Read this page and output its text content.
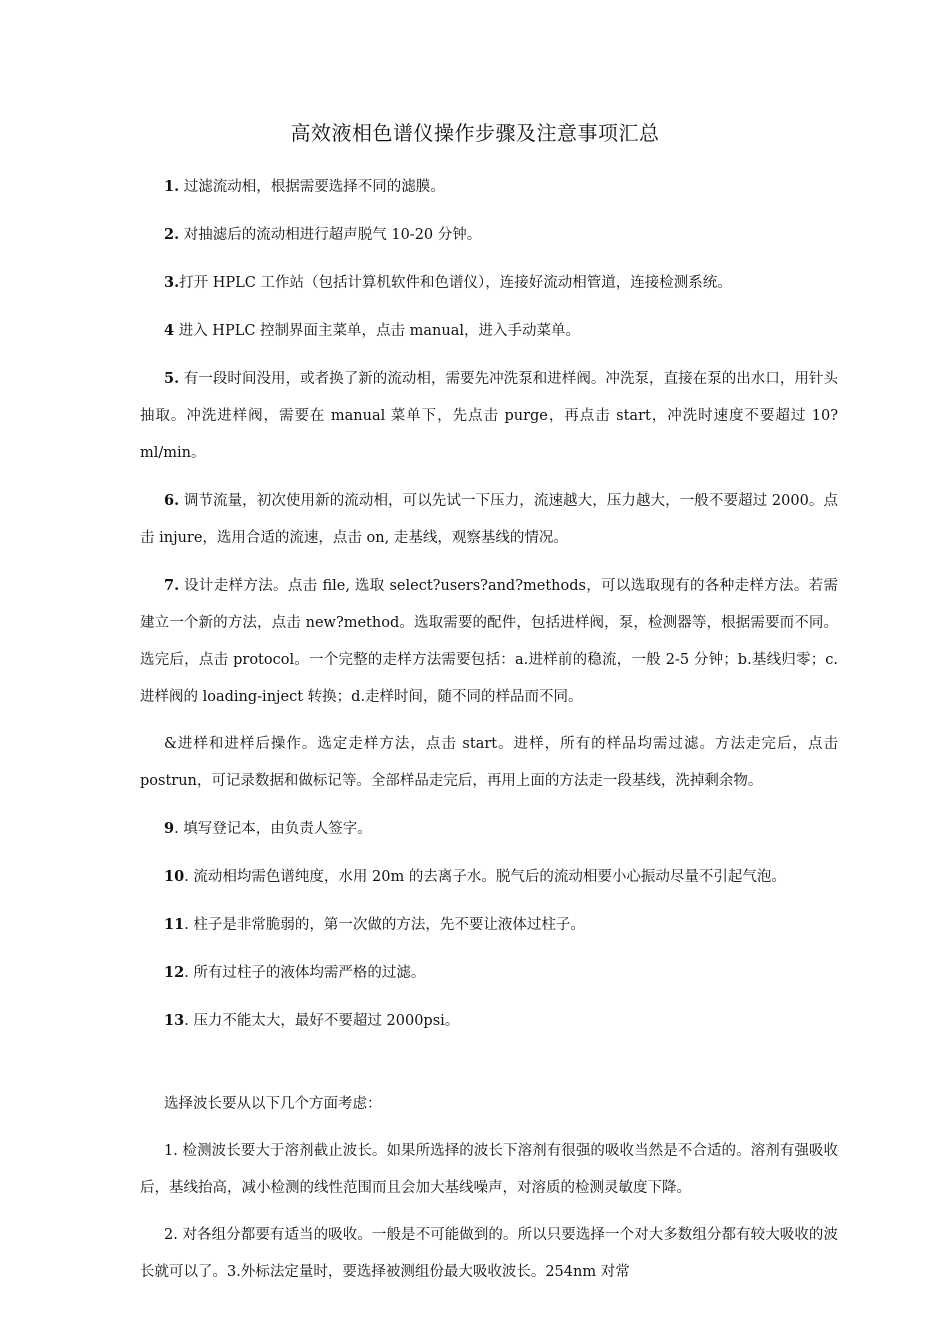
高效液相色谱仪操作步骤及注意事项汇总

1. 过滤流动相，根据需要选择不同的滤膜。

2. 对抽滤后的流动相进行超声脱气 10-20 分钟。

3.打开 HPLC 工作站（包括计算机软件和色谱仪），连接好流动相管道，连接检测系统。

4 进入 HPLC 控制界面主菜单，点击 manual，进入手动菜单。

5. 有一段时间没用，或者换了新的流动相，需要先冲洗泵和进样阀。冲洗泵，直接在泵的出水口，用针头抽取。冲洗进样阀，需要在 manual 菜单下，先点击 purge，再点击 start，冲洗时速度不要超过 10?ml/min。

6. 调节流量，初次使用新的流动相，可以先试一下压力，流速越大，压力越大，一般不要超过 2000。点击 injure，选用合适的流速，点击 on, 走基线，观察基线的情况。

7. 设计走样方法。点击 file, 选取 select?users?and?methods，可以选取现有的各种走样方法。若需建立一个新的方法，点击 new?method。选取需要的配件，包括进样阀，泵，检测器等，根据需要而不同。选完后，点击 protocol。一个完整的走样方法需要包括：a.进样前的稳流，一般 2-5 分钟；b.基线归零；c.进样阀的 loading-inject 转换；d.走样时间，随不同的样品而不同。

&进样和进样后操作。选定走样方法，点击 start。进样，所有的样品均需过滤。方法走完后，点击 postrun，可记录数据和做标记等。全部样品走完后，再用上面的方法走一段基线，洗掉剩余物。

9. 填写登记本，由负责人签字。

10. 流动相均需色谱纯度，水用 20m 的去离子水。脱气后的流动相要小心振动尽量不引起气泡。

11. 柱子是非常脆弱的，第一次做的方法，先不要让液体过柱子。

12. 所有过柱子的液体均需严格的过滤。

13. 压力不能太大，最好不要超过 2000psi。

选择波长要从以下几个方面考虑：

1. 检测波长要大于溶剂截止波长。如果所选择的波长下溶剂有很强的吸收当然是不合适的。溶剂有强吸收后，基线抬高，减小检测的线性范围而且会加大基线噪声，对溶质的检测灵敏度下降。

2. 对各组分都要有适当的吸收。一般是不可能做到的。所以只要选择一个对大多数组分都有较大吸收的波长就可以了。3.外标法定量时，要选择被测组份最大吸收波长。254nm 对常
